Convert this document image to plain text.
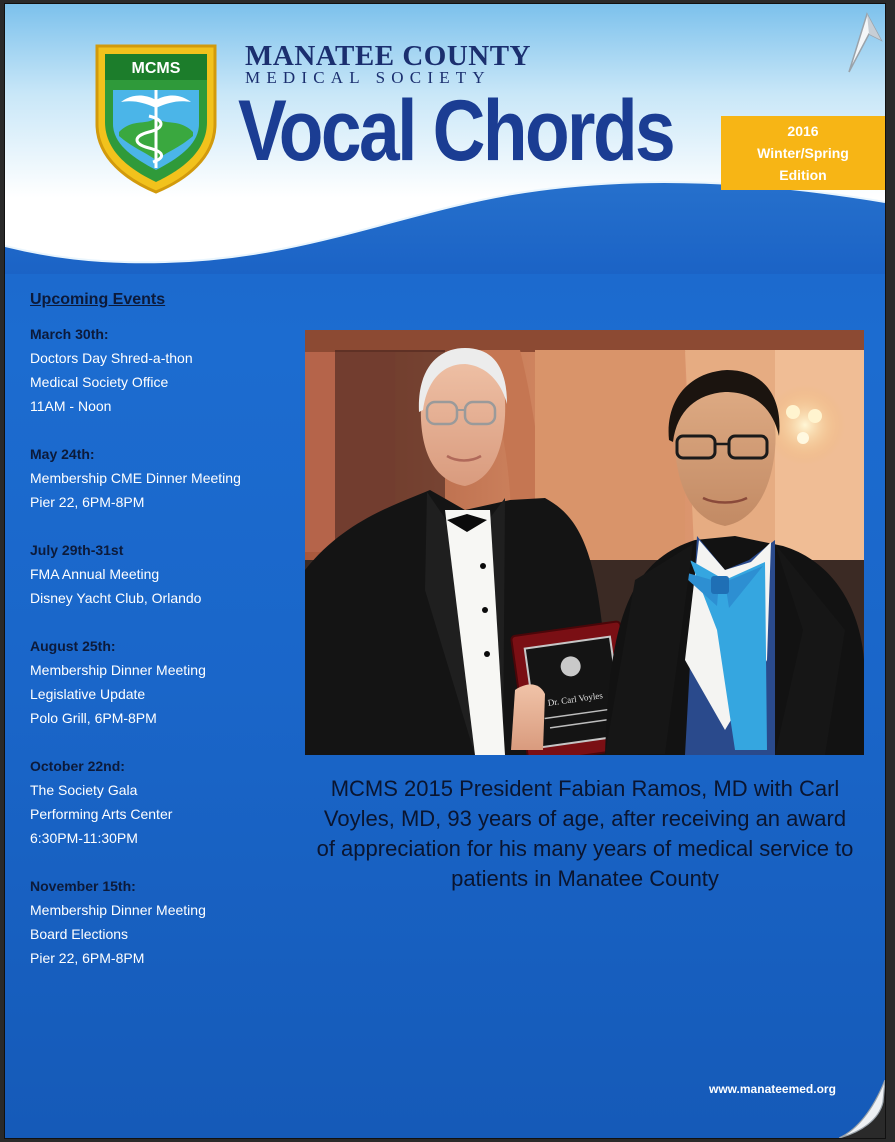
MCMS MANATEE COUNTY
MEDICAL SOCIETY
Vocal Chords	2016
Winter/Spring
Edition
Upcoming Events
March 30th:
Doctors Day Shred-a-thon
Medical Society Office
11AM - Noon
May 24th:
Membership CME Dinner Meeting
Pier 22, 6PM-8PM
July 29th-31st
FMA Annual Meeting
Disney Yacht Club, Orlando
August 25th:
Membership Dinner Meeting
Legislative Update
Polo Grill, 6PM-8PM
October 22nd:
The Society Gala
Performing Arts Center
6:30PM-11:30PM
November 15th:
Membership Dinner Meeting
Board Elections
Pier 22, 6PM-8PM
Dr. Carl Voyles
MCMS 2015 President Fabian Ramos, MD with Carl Voyles, MD, 93 years of age, after receiving an award of appreciation for his many years of medical service to patients in Manatee County
www.manateemed.org
